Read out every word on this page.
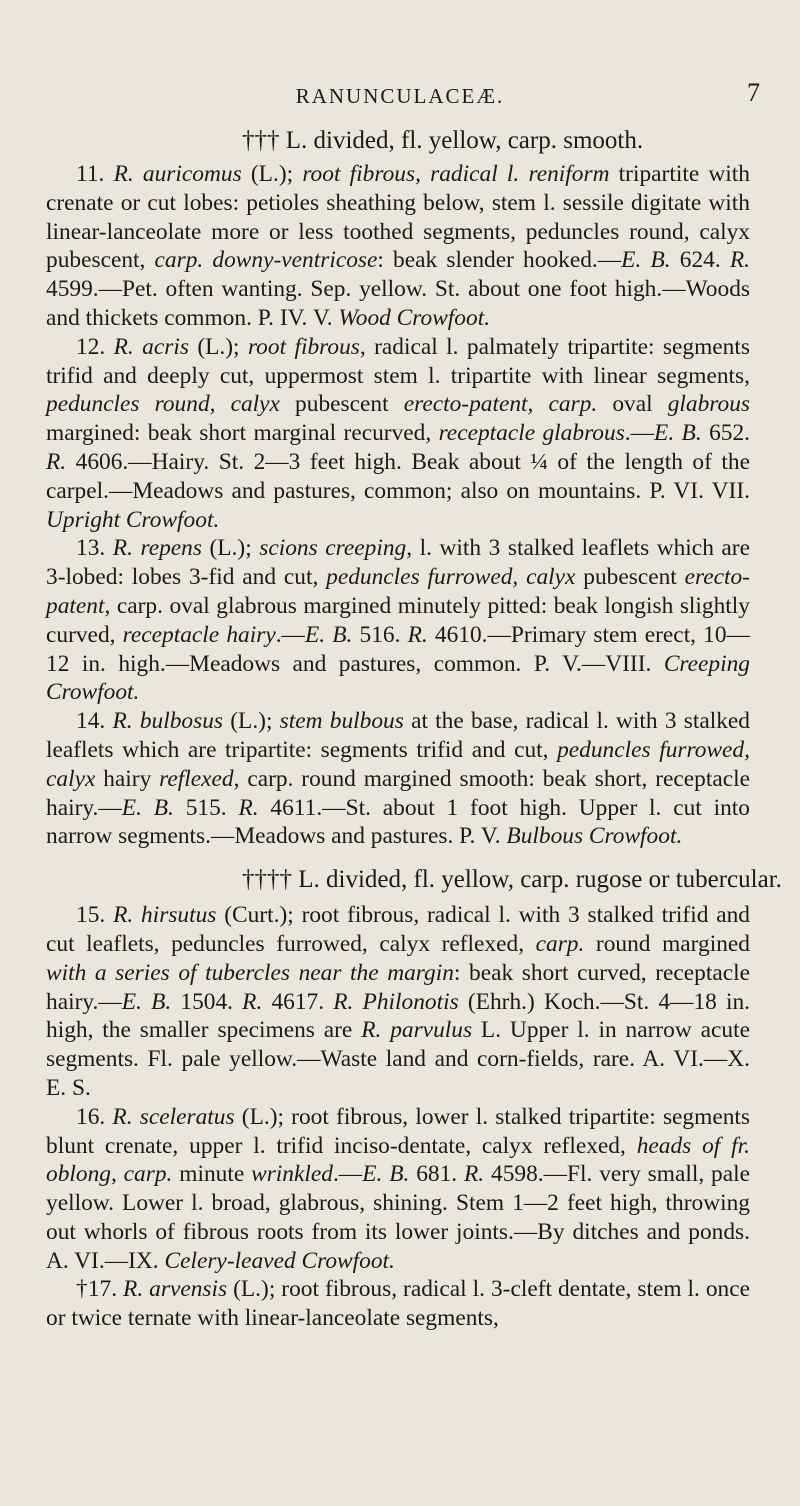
RANUNCULACEÆ.	7

††† L. divided, fl. yellow, carp. smooth.

11. R. auricomus (L.); root fibrous, radical l. reniform tripartite with crenate or cut lobes: petioles sheathing below, stem l. sessile digitate with linear-lanceolate more or less toothed segments, peduncles round, calyx pubescent, carp. downy-ventricose: beak slender hooked.—E. B. 624. R. 4599.—Pet. often wanting. Sep. yellow. St. about one foot high.—Woods and thickets common. P. IV. V. Wood Crowfoot.

12. R. acris (L.); root fibrous, radical l. palmately tripartite: segments trifid and deeply cut, uppermost stem l. tripartite with linear segments, peduncles round, calyx pubescent erecto-patent, carp. oval glabrous margined: beak short marginal recurved, receptacle glabrous.—E. B. 652. R. 4606.—Hairy. St. 2—3 feet high. Beak about ¼ of the length of the carpel.—Meadows and pastures, common; also on mountains. P. VI. VII. Upright Crowfoot.

13. R. repens (L.); scions creeping, l. with 3 stalked leaflets which are 3-lobed: lobes 3-fid and cut, peduncles furrowed, calyx pubescent erecto-patent, carp. oval glabrous margined minutely pitted: beak longish slightly curved, receptacle hairy.—E. B. 516. R. 4610.—Primary stem erect, 10—12 in. high.—Meadows and pastures, common. P. V.—VIII. Creeping Crowfoot.

14. R. bulbosus (L.); stem bulbous at the base, radical l. with 3 stalked leaflets which are tripartite: segments trifid and cut, peduncles furrowed, calyx hairy reflexed, carp. round margined smooth: beak short, receptacle hairy.—E. B. 515. R. 4611.—St. about 1 foot high. Upper l. cut into narrow segments.—Meadows and pastures. P. V. Bulbous Crowfoot.

†††† L. divided, fl. yellow, carp. rugose or tubercular.

15. R. hirsutus (Curt.); root fibrous, radical l. with 3 stalked trifid and cut leaflets, peduncles furrowed, calyx reflexed, carp. round margined with a series of tubercles near the margin: beak short curved, receptacle hairy.—E. B. 1504. R. 4617. R. Philonotis (Ehrh.) Koch.—St. 4—18 in. high, the smaller specimens are R. parvulus L. Upper l. in narrow acute segments. Fl. pale yellow.—Waste land and corn-fields, rare. A. VI.—X. E. S.

16. R. sceleratus (L.); root fibrous, lower l. stalked tripartite: segments blunt crenate, upper l. trifid inciso-dentate, calyx reflexed, heads of fr. oblong, carp. minute wrinkled.—E. B. 681. R. 4598.—Fl. very small, pale yellow. Lower l. broad, glabrous, shining. Stem 1—2 feet high, throwing out whorls of fibrous roots from its lower joints.—By ditches and ponds. A. VI.—IX. Celery-leaved Crowfoot.

†17. R. arvensis (L.); root fibrous, radical l. 3-cleft dentate, stem l. once or twice ternate with linear-lanceolate segments,
